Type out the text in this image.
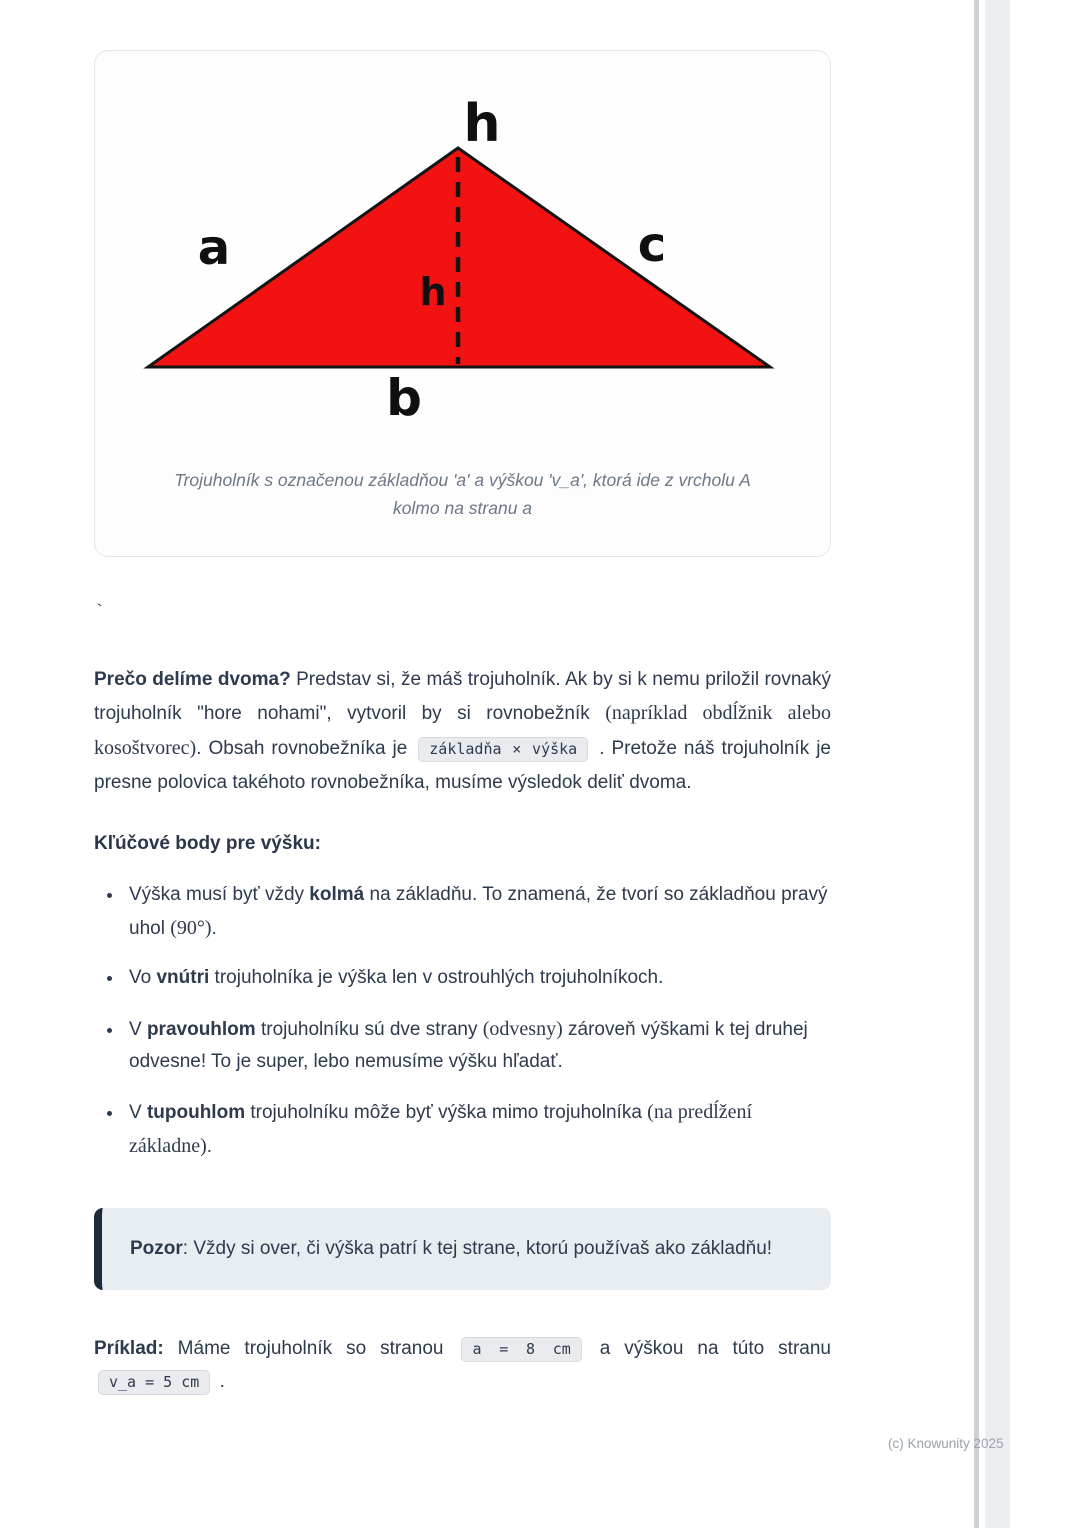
h
a	c
h
b

Trojuholník s označenou základňou 'a' a výškou 'v_a', ktorá ide z vrcholu A kolmo na stranu a

`

Prečo delíme dvoma? Predstav si, že máš trojuholník. Ak by si k nemu priložil rovnaký trojuholník "hore nohami", vytvoril by si rovnobežník (napríklad obdĺžnik alebo kosoštvorec). Obsah rovnobežníka je základňa × výška . Pretože náš trojuholník je presne polovica takéhoto rovnobežníka, musíme výsledok deliť dvoma.

Kľúčové body pre výšku:
• Výška musí byť vždy kolmá na základňu. To znamená, že tvorí so základňou pravý uhol (90°).
• Vo vnútri trojuholníka je výška len v ostrouhlých trojuholníkoch.
• V pravouhlom trojuholníku sú dve strany (odvesny) zároveň výškami k tej druhej odvesne! To je super, lebo nemusíme výšku hľadať.
• V tupouhlom trojuholníku môže byť výška mimo trojuholníka (na predĺžení základne).
Pozor: Vždy si over, či výška patrí k tej strane, ktorú používaš ako základňu!

Príklad: Máme trojuholník so stranou a = 8 cm a výškou na túto stranu v_a = 5 cm .

(c) Knowunity 2025
